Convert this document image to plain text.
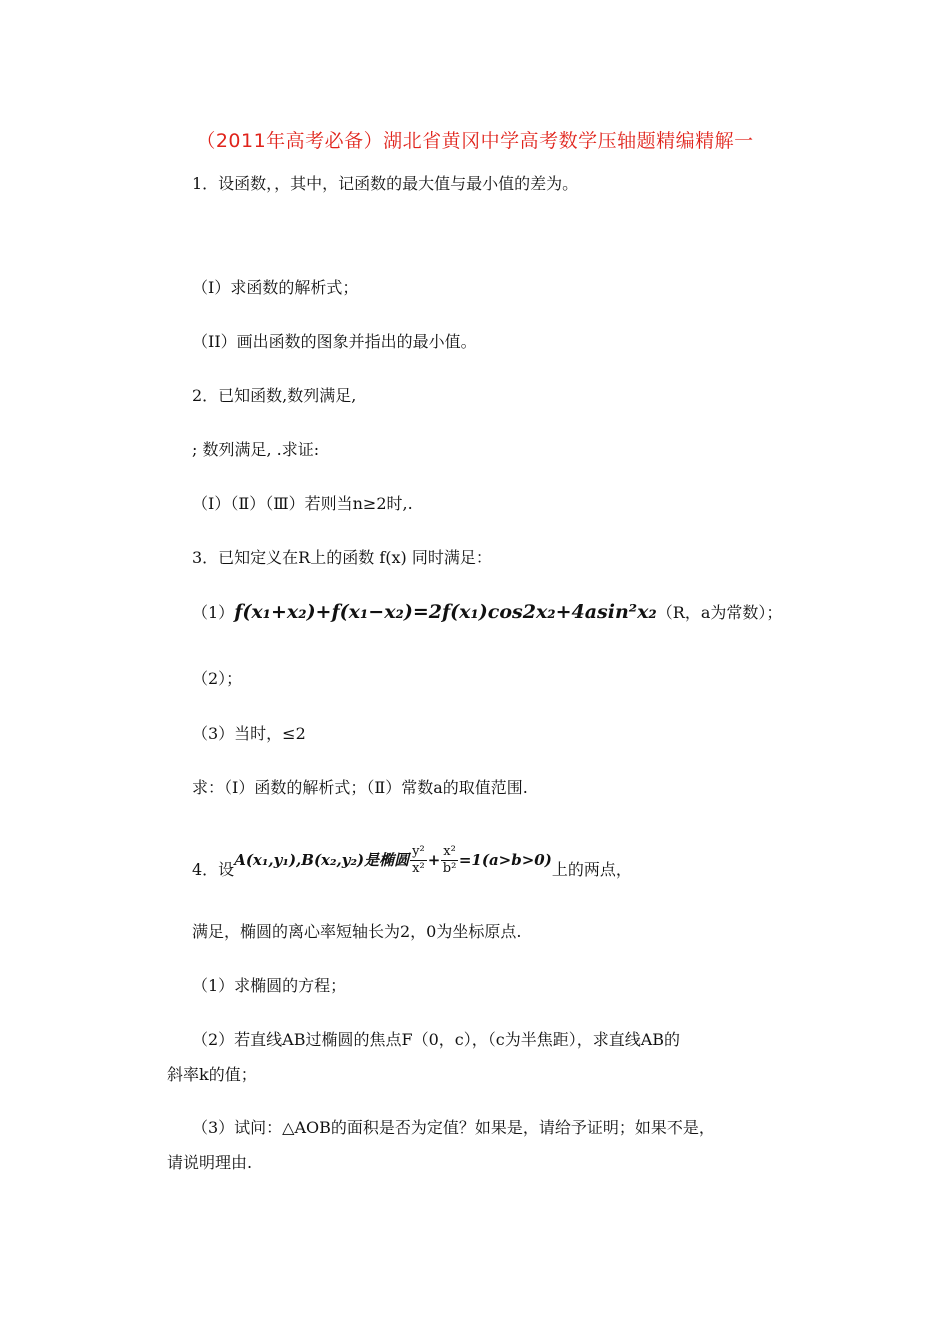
（2011年高考必备）湖北省黄冈中学高考数学压轴题精编精解一
1．设函数，，其中，记函数的最大值与最小值的差为。
（I）求函数的解析式；
（II）画出函数的图象并指出的最小值。
2．已知函数,数列满足,
; 数列满足, .求证:
（Ⅰ）（Ⅱ）（Ⅲ）若则当n≥2时,.
3．已知定义在R上的函数 f(x) 同时满足：
（1）f(x₁+x₂)+f(x₁−x₂)=2f(x₁)cos2x₂+4asin²x₂（R，a为常数）；
（2）；
（3）当时，≤2
求：（Ⅰ）函数的解析式；（Ⅱ）常数a的取值范围.
4．设A(x₁,y₁),B(x₂,y₂)是椭圆 $\frac{\text{y²}}{\text{x²}} + \frac{\text{x²}}{\text{b²}} =1(a>b>0)$上的两点，
满足，椭圆的离心率短轴长为2，0为坐标原点.
（1）求椭圆的方程；
（2）若直线AB过椭圆的焦点F（0，c），（c为半焦距），求直线AB的
斜率k的值；
（3）试问：△AOB的面积是否为定值？如果是，请给予证明；如果不是，
请说明理由.
